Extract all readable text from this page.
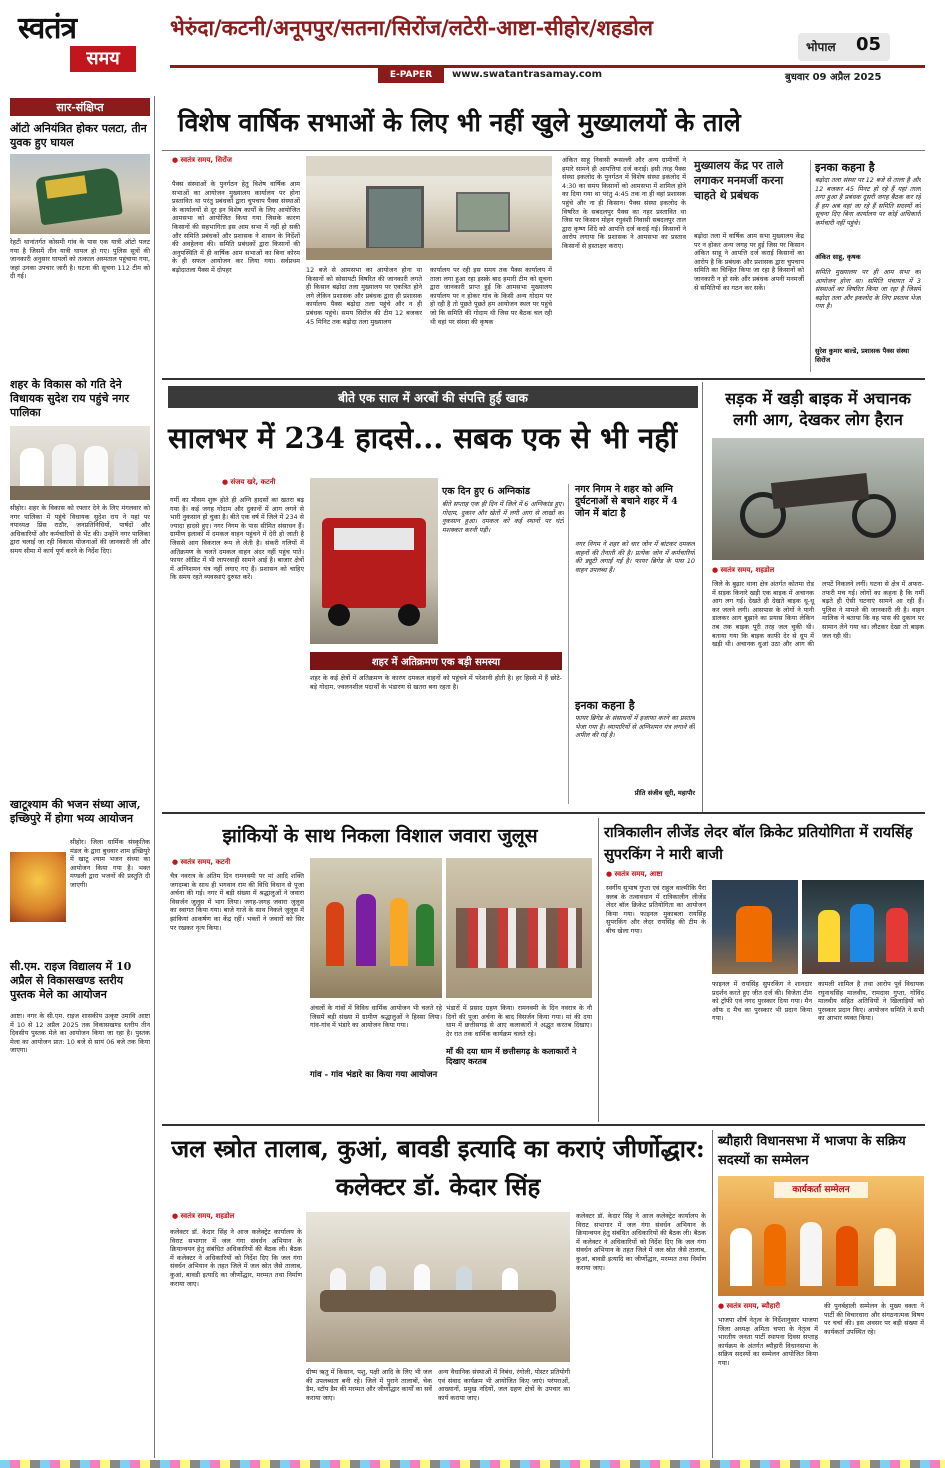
स्वतंत्र
समय
भेरुंदा/कटनी/अनूपपुर/सतना/सिरोंज/लटेरी-आष्टा-सीहोर/शहडोल
भोपाल 05
E-PAPER	www.swatantrasamay.com	बुधवार 09 अप्रैल 2025
सार-संक्षिप्त
ऑटो अनियंत्रित होकर पलटा, तीन युवक हुए घायल
रेहटी थानांतर्गत कोसमी गांव के पास एक यात्री ऑटो पलट गया है जिसमें तीन यात्री घायल हो गए। पुलिस सूत्रों की जानकारी अनुसार घायलों को तत्काल अस्पताल पहुंचाया गया, जहां उनका उपचार जारी है। घटना की सूचना 112 टीम को दी गई।
शहर के विकास को गति देने विधायक सुदेश राय पहुंचे नगर पालिका
सीहोर। शहर के विकास को रफ्तार देने के लिए मंगलवार को नगर पालिका में पहुंचे विधायक सुदेश राय ने यहां पर नपाध्यक्ष प्रिंस राठौर, जनप्रतिनिधियों, पार्षदों और अधिकारियों और कर्मचारियों से भेंट की। उन्होंने नगर पालिका द्वारा चलाई जा रही विकास योजनाओं की जानकारी ली और समय सीमा में कार्य पूर्ण करने के निर्देश दिए।
खाटूश्याम की भजन संध्या आज, इच्छिपुरे में होगा भव्य आयोजन
सीहोर। जिला धार्मिक संस्कृतिक मंडल के द्वारा बुधवार शाम इच्छिपुरे में खाटू श्याम भजन संध्या का आयोजन किया गया है। भक्त मण्डली द्वारा भजनों की प्रस्तुति दी जाएगी।
सी.एम. राइज विद्यालय में 10 अप्रैल से विकासखण्ड स्तरीय पुस्तक मेले का आयोजन
आष्टा। नगर के सी.एम. राइज शासकीय उत्कृष्ट उमावि आष्टा में 10 से 12 अप्रैल 2025 तक विकासखण्ड स्तरीय तीन दिवसीय पुस्तक मेले का आयोजन किया जा रहा है। पुस्तक मेला का आयोजन प्रात: 10 बजे से सायं 06 बजे तक किया जाएगा।
विशेष वार्षिक सभाओं के लिए भी नहीं खुले मुख्यालयों के ताले
● स्वतंत्र समय, सिरोंज
पैक्स संस्थाओं के पुनर्गठन हेतु विशेष वार्षिक आम सभाओं का आयोजन मुख्यालय कार्यालय पर होना प्रस्तावित था परंतु प्रबंधकों द्वारा चुपचाप पैक्स संस्थाओं के कार्यालयों से दूर इन विशेष कार्यों के लिए आयोजित आमसभा को आयोजित किया गया जिसके कारण किसानों की सहभागिता इस आम सभा में नहीं हो सकी और समिति प्रबंधकों और प्रशासक ने शासन के निर्देशों की अवहेलना की। समिति प्रबंधकों द्वारा किसानों की अनुपस्थिति में ही वार्षिक आम सभाओं का बिना कोरम के ही सफल आयोजन कर लिया गया। सर्वप्रथम बढ़ोदातला पैक्स में दोपहर	12 बजे से आमसभा का आयोजन होना था किसानों को सोसायटी विषरित की जानकारी लगते ही किसान बढ़ोदा तला मुख्यालय पर एकत्रित होने लगे लेकिन प्रशासक और प्रबंधक द्वारा ही प्रशासक कार्यालय पैक्स बढ़ोदा तला पहुंचे और न ही प्रबंधक पहुंचे। समय सिरोंज की टीम 12 बजकर 45 मिनिट तक बढ़ोदा तला मुख्यालय
कार्यालय पर रही इस समय तक पैक्स कार्यालय में ताला लगा हुआ रहा इसके बाद हमारी टीम को सूचना द्वारा जानकारी प्राप्त हुई कि आमसभा मुख्यालय कार्यालय पर न होकर गांव के किसी अन्य गोदाम पर हो रही है तो पूछते पूछते हम आयोजन स्थल पर पहुंचे जो कि समिति की गोदाम थी जिस पर बैठक चल रही थी वहां पर संस्था की कृषक
अंकित साहू निवासी रूसल्ली और अन्य ग्रामीणों ने हमारे सामने ही आपत्तियां दर्ज कराई। इसी तरह पैक्स संस्था इकलोद के पुनर्गठन में विशेष संस्था इकलोद में 4:30 का समय किसानों को आमसभा में शामिल होने का दिया गया था परंतु 4:45 तक ना ही वहां प्रशासक पहुंचे और ना ही किसान। पैक्स संस्था इकलोद के विषरित के सबदलपुर पैक्स का नहर प्रस्तावित था जिस पर किसान मोहन रघुवंशी निवासी सबदलपुर ताल द्वारा कृष्ण शिंदे को आपत्ति दर्ज कराई गई। किसानों ने आरोप लगाया कि प्रशासक ने आमसभा का प्रस्ताव किसानों से हस्ताक्षर कराए।
मुख्यालय केंद्र पर ताले लगाकर मनमर्जी करना चाहते थे प्रबंधक
बढ़ोदा तला में वार्षिक आम सभा मुख्यालय केंद्र पर न होकर अन्य जगह पर हुई जिस पर किसान अंकित साहू ने आपत्ति दर्ज कराई किसानों का आरोप है कि प्रबंधक और प्रशासक द्वारा चुपचाप समिति का चिन्हित किया जा रहा है किसानों को जानकारी न हो सके और प्रबंधक अपनी मनमर्जी से समितियों का गठन कर सकें।
इनका कहना है
बढ़ोदा तला संस्था पर 12 बजे से ताला है और 12 बजकर 45 मिनट हो रहे हैं यहां ताला लगा हुआ है प्रबंधक दूसरी जगह बैठक कर रहे हैं हम अब वहां जा रहे हैं समिति सदस्यों को सूचना दिए बिना कार्यालय पर कोई अधिकारी कर्मचारी नहीं पहुंचे।
अंकित साहू, कृषक
समिति मुख्यालय पर ही आम सभा का आयोजन होना था। समिति पंचायत में 3 संस्थाओं का विषरित किया जा रहा है जिसमें बढ़ोदा तला और इकलोद के लिए प्रस्ताव भेजा गया है।
सुरेश कुमार बाल्डे, प्रशासक पैक्स संस्था सिरोंज
बीते एक साल में अरबों की संपत्ति हुई खाक
सालभर में 234 हादसे... सबक एक से भी नहीं
● संजय खरे, कटनी
गर्मी का मौसम शुरू होते ही अग्नि हादसों का खतरा बढ़ गया है। कई जगह गोदाम और दुकानों में आग लगने से भारी नुकसान हो चुका है। बीते एक वर्ष में जिले में 234 से ज्यादा हादसे हुए। नगर निगम के पास सीमित संसाधन हैं। ग्रामीण इलाकों में दमकल वाहन पहुंचने में देरी हो जाती है जिससे आग विकराल रूप ले लेती है। संकरी गलियों में अतिक्रमण के चलते दमकल वाहन अंदर नहीं पहुंच पाते। फायर ऑडिट में भी लापरवाही सामने आई है। बाजार क्षेत्रों में अग्निशमन यंत्र नहीं लगाए गए हैं। प्रशासन को चाहिए कि समय रहते व्यवस्थाएं दुरुस्त करें।
शहर में अतिक्रमण एक बड़ी समस्या
शहर के कई क्षेत्रों में अतिक्रमण के कारण दमकल वाहनों को पहुंचने में परेशानी होती है। हर हिस्से में हैं छोटे-बड़े गोदाम, ज्वलनशील पदार्थों के भंडारण से खतरा बना रहता है।
एक दिन हुए 6 अग्निकांड
बीते सप्ताह एक ही दिन में जिले में 6 अग्निकांड हुए। गोदाम, दुकान और खेतों में लगी आग से लाखों का नुकसान हुआ। दमकल को कई स्थानों पर घंटों मशक्कत करनी पड़ी।
नगर निगम ने शहर को अग्नि दुर्घटनाओं से बचाने शहर में 4 जोन में बांटा है
नगर निगम ने शहर को चार जोन में बांटकर दमकल वाहनों की तैनाती की है। प्रत्येक जोन में कर्मचारियों की ड्यूटी लगाई गई है। फायर ब्रिगेड के पास 10 वाहन उपलब्ध हैं।
इनका कहना है
फायर ब्रिगेड के संसाधनों में इजाफा करने का प्रस्ताव भेजा गया है। व्यापारियों से अग्निशमन यंत्र लगाने की अपील की गई है।
प्रीति संजीव सूरी, महापौर
सड़क में खड़ी बाइक में अचानक लगी आग, देखकर लोग हैरान
● स्वतंत्र समय, शहडोल
जिले के बुढ़ार थाना क्षेत्र अंतर्गत कोतमा रोड में सड़क किनारे खड़ी एक बाइक में अचानक आग लग गई। देखते ही देखते बाइक धू-धू कर जलने लगी। आसपास के लोगों ने पानी डालकर आग बुझाने का प्रयास किया लेकिन तब तक बाइक पूरी तरह जल चुकी थी। बताया गया कि बाइक काफी देर से धूप में खड़ी थी। अचानक धुआं उठा और आग की लपटें निकलने लगीं। घटना से क्षेत्र में अफरा-तफरी मच गई। लोगों का कहना है कि गर्मी बढ़ते ही ऐसी घटनाएं सामने आ रही हैं। पुलिस ने मामले की जानकारी ली है। वाहन मालिक ने बताया कि वह पास की दुकान पर सामान लेने गया था। लौटकर देखा तो बाइक जल रही थी।
झांकियों के साथ निकला विशाल जवारा जुलूस
● स्वतंत्र समय, कटनी
चैत्र नवरात्र के अंतिम दिन रामनवमी पर मां आदि शक्ति जगदम्बा के साथ ही भगवान राम की विधि विधान से पूजा अर्चना की गई। नगर में बड़ी संख्या में श्रद्धालुओं ने जवारा विसर्जन जुलूस में भाग लिया। जगह-जगह जवारा जुलूस का स्वागत किया गया। बाजे गाजे के साथ निकले जुलूस में झांकियां आकर्षण का केंद्र रहीं। भक्तों ने जवारों को सिर पर रखकर नृत्य किया।
अंचलों के गांवों में विविध धार्मिक आयोजन भी चलते रहे जिसमें बड़ी संख्या में ग्रामीण श्रद्धालुओं ने हिस्सा लिया। गांव-गांव में भंडारे का आयोजन किया गया।
गांव - गांव भंडारे का किया गया आयोजन
भंडारों में प्रसाद ग्रहण किया। रामनवमी के दिन नवरात्र के नौ दिनों की पूजा अर्चना के बाद विसर्जन किया गया। मां की दया धाम में छत्तीसगढ़ से आए कलाकारों ने अद्भुत करतब दिखाए। देर रात तक धार्मिक कार्यक्रम चलते रहे।
माँ की दया धाम में छत्तीसगढ़ के कलाकारों ने दिखाए करतब
रात्रिकालीन लीजेंड लेदर बॉल क्रिकेट प्रतियोगिता में रायसिंह सुपरकिंग ने मारी बाजी
● स्वतंत्र समय, आष्टा
स्वर्गीय सुभाष गुप्ता एवं राहुल वाल्मीकि पैरा क्लब के तत्वावधान में रात्रिकालीन लीजेंड लेदर बॉल क्रिकेट प्रतियोगिता का आयोजन किया गया। फाइनल मुकाबला रायसिंह सुपरकिंग और लेदर रायसिंह की टीम के बीच खेला गया।
फाइनल में रायसिंह सुपरकिंग ने शानदार प्रदर्शन करते हुए जीत दर्ज की। विजेता टीम को ट्रॉफी एवं नगद पुरस्कार दिया गया। मैन ऑफ द मैच का पुरस्कार भी प्रदान किया गया।
कामली शामिल है तथा आरोप पूर्व विधायक रघुनाथसिंह मालवीय, रामदास गुप्ता, गोविंद मालवीय सहित अतिथियों ने खिलाड़ियों को पुरस्कार प्रदान किए। आयोजन समिति ने सभी का आभार व्यक्त किया।
जल स्त्रोत तालाब, कुआं, बावडी इत्यादि का कराएं जीर्णोद्धार: कलेक्टर डॉ. केदार सिंह
● स्वतंत्र समय, शहडोल
कलेक्टर डॉ. केदार सिंह ने आज कलेक्ट्रेट कार्यालय के विराट सभागार में जल गंगा संवर्धन अभियान के क्रियान्वयन हेतु संबंधित अधिकारियों की बैठक ली। बैठक में कलेक्टर ने अधिकारियों को निर्देश दिए कि जल गंगा संवर्धन अभियान के तहत जिले में जल स्रोत जैसे तालाब, कुआं, बावडी इत्यादि का जीर्णोद्धार, मरम्मत तथा निर्माण कराया जाए।
ग्रीष्म ऋतु में किसान, पशु, पक्षी आदि के लिए भी जल की उपलब्धता बनी रहे। जिले में पुराने तालाबों, चेक डैम, स्टॉप डैम की मरम्मत और जीर्णोद्धार कार्यों का सर्वे कराया जाए।
अन्य वैधानिक संस्थाओं में निबंध, रंगोली, पोस्टर प्रतियोगी एवं संवाद कार्यक्रम भी आयोजित किए जाएं। परंपराओं, आख्यानों, प्रमुख नदियों, जल ग्रहण क्षेत्रों के उपचार का कार्य कराया जाए।
कलेक्टर डॉ. केदार सिंह ने आज कलेक्ट्रेट कार्यालय के विराट सभागार में जल गंगा संवर्धन अभियान के क्रियान्वयन हेतु संबंधित अधिकारियों की बैठक ली। बैठक में कलेक्टर ने अधिकारियों को निर्देश दिए कि जल गंगा संवर्धन अभियान के तहत जिले में जल स्रोत जैसे तालाब, कुआं, बावडी इत्यादि का जीर्णोद्धार, मरम्मत तथा निर्माण कराया जाए।
ब्यौहारी विधानसभा में भाजपा के सक्रिय सदस्यों का सम्मेलन
कार्यकर्ता सम्मेलन
● स्वतंत्र समय, ब्यौहारी
भाजपा शीर्ष नेतृत्व के निर्देशानुसार भाजपा जिला अध्यक्ष अमिता चपरा के नेतृत्व में भारतीय जनता पार्टी स्थापना दिवस सप्ताह कार्यक्रम के अंतर्गत ब्यौहारी विधानसभा के सक्रिय सदस्यों का सम्मेलन आयोजित किया गया।
की पुनर्बहाली सम्मेलन के मुख्य वक्ता ने पार्टी की विचारधारा और संगठनात्मक विषय पर चर्चा की। इस अवसर पर बड़ी संख्या में कार्यकर्ता उपस्थित रहे।
